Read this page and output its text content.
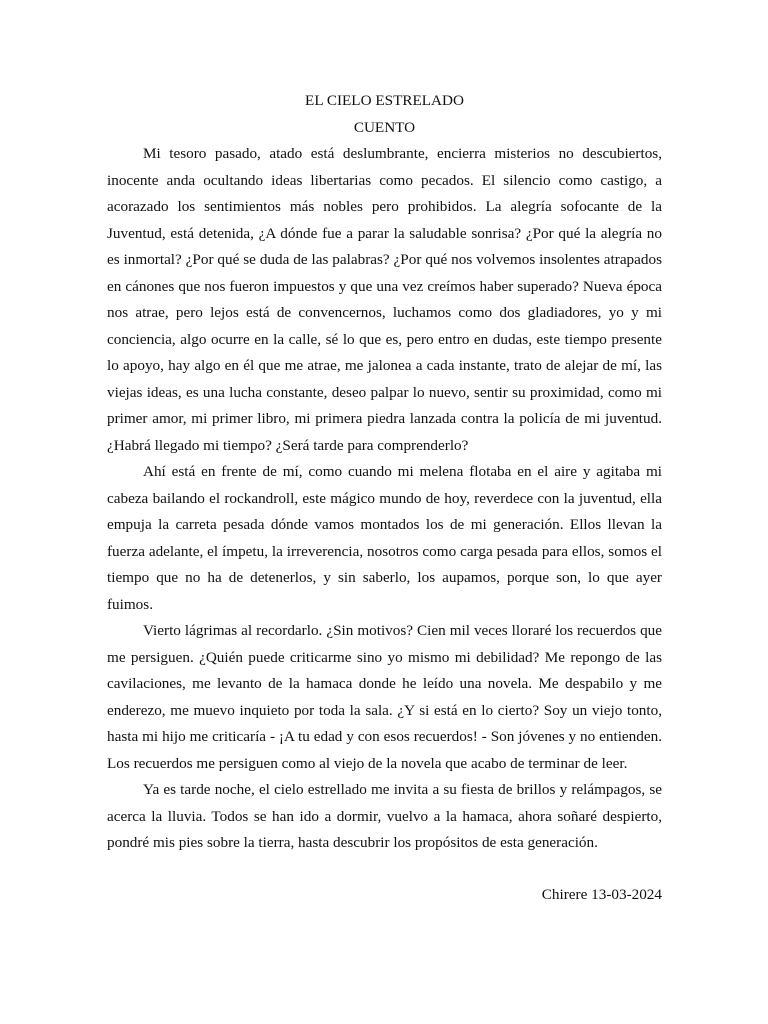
EL CIELO ESTRELADO
CUENTO

Mi tesoro pasado, atado está deslumbrante, encierra misterios no descubiertos, inocente anda ocultando ideas libertarias como pecados. El silencio como castigo, a acorazado los sentimientos más nobles pero prohibidos. La alegría sofocante de la Juventud, está detenida, ¿A dónde fue a parar la saludable sonrisa? ¿Por qué la alegría no es inmortal? ¿Por qué se duda de las palabras? ¿Por qué nos volvemos insolentes atrapados en cánones que nos fueron impuestos y que una vez creímos haber superado? Nueva época nos atrae, pero lejos está de convencernos, luchamos como dos gladiadores, yo y mi conciencia, algo ocurre en la calle, sé lo que es, pero entro en dudas, este tiempo presente lo apoyo, hay algo en él que me atrae, me jalonea a cada instante, trato de alejar de mí, las viejas ideas, es una lucha constante, deseo palpar lo nuevo, sentir su proximidad, como mi primer amor, mi primer libro, mi primera piedra lanzada contra la policía de mi juventud. ¿Habrá llegado mi tiempo? ¿Será tarde para comprenderlo?

Ahí está en frente de mí, como cuando mi melena flotaba en el aire y agitaba mi cabeza bailando el rockandroll, este mágico mundo de hoy, reverdece con la juventud, ella empuja la carreta pesada dónde vamos montados los de mi generación. Ellos llevan la fuerza adelante, el ímpetu, la irreverencia, nosotros como carga pesada para ellos, somos el tiempo que no ha de detenerlos, y sin saberlo, los aupamos, porque son, lo que ayer fuimos.

Vierto lágrimas al recordarlo. ¿Sin motivos? Cien mil veces lloraré los recuerdos que me persiguen. ¿Quién puede criticarme sino yo mismo mi debilidad? Me repongo de las cavilaciones, me levanto de la hamaca donde he leído una novela. Me despabilo y me enderezo, me muevo inquieto por toda la sala. ¿Y si está en lo cierto? Soy un viejo tonto, hasta mi hijo me criticaría - ¡A tu edad y con esos recuerdos! - Son jóvenes y no entienden. Los recuerdos me persiguen como al viejo de la novela que acabo de terminar de leer.

Ya es tarde noche, el cielo estrellado me invita a su fiesta de brillos y relámpagos, se acerca la lluvia. Todos se han ido a dormir, vuelvo a la hamaca, ahora soñaré despierto, pondré mis pies sobre la tierra, hasta descubrir los propósitos de esta generación.

Chirere 13-03-2024
